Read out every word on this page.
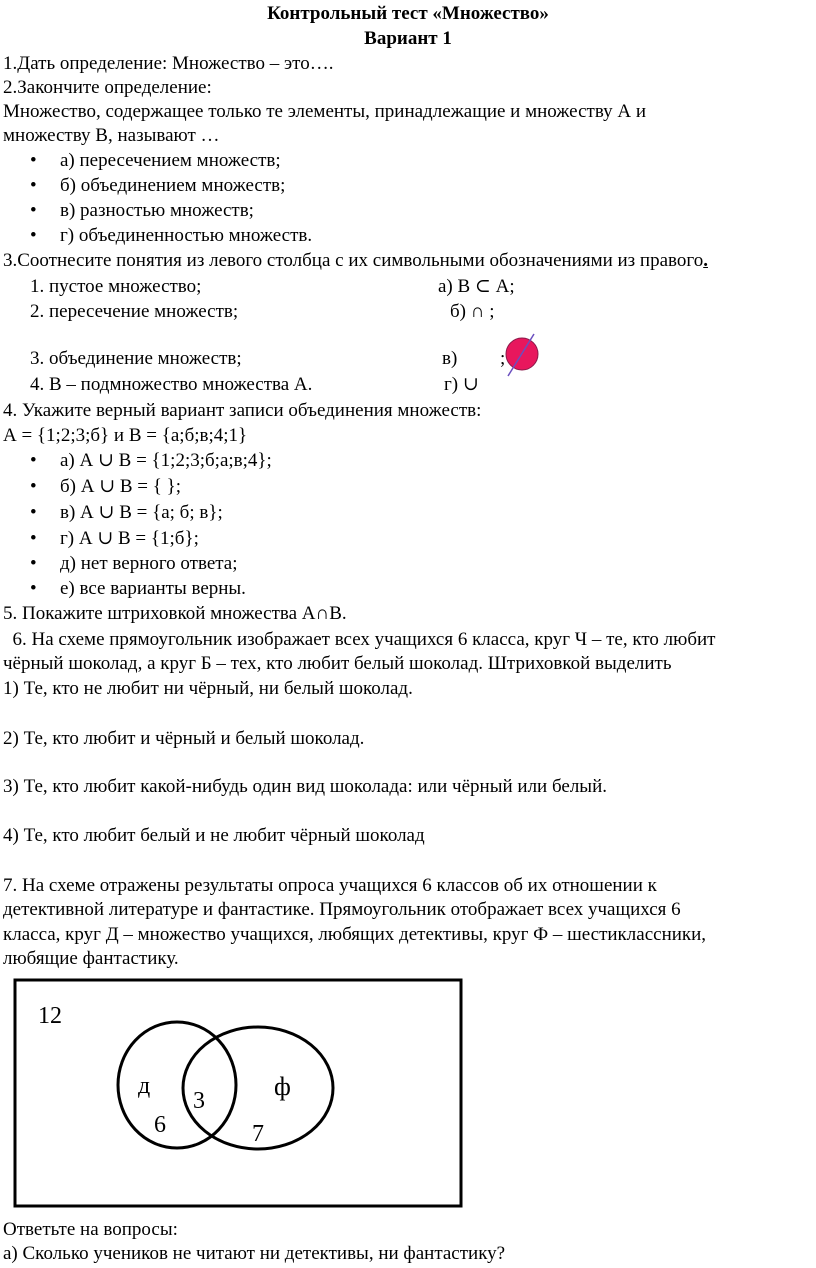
Контрольный тест «Множество»
Вариант 1
1.Дать определение: Множество – это….
2.Закончите определение:
Множество, содержащее только те элементы, принадлежащие и множеству А и
множеству В, называют …
• а) пересечением множеств;
• б) объединением множеств;
• в) разностью множеств;
• г) объединенностью множеств.
3.Соотнесите понятия из левого столбца с их символьными обозначениями из правого.
1. пустое множество;	а) В ⊂ А;
2. пересечение множеств;	б) ∩ ;
3. объединение множеств;	в) ;
4. В – подмножество множества А.	г) ∪
4. Укажите верный вариант записи объединения множеств:
А = {1;2;3;б} и В = {а;б;в;4;1}
• а) А ∪ В = {1;2;3;б;а;в;4};
• б) А ∪ В = { };
• в) А ∪ В = {а; б; в};
• г) А ∪ В = {1;б};
• д) нет верного ответа;
• е) все варианты верны.
5. Покажите штриховкой множества А∩В.
6. На схеме прямоугольник изображает всех учащихся 6 класса, круг Ч – те, кто любит
чёрный шоколад, а круг Б – тех, кто любит белый шоколад. Штриховкой выделить
1) Те, кто не любит ни чёрный, ни белый шоколад.
2) Те, кто любит и чёрный и белый шоколад.
3) Те, кто любит какой-нибудь один вид шоколада: или чёрный или белый.
4) Те, кто любит белый и не любит чёрный шоколад
7. На схеме отражены результаты опроса учащихся 6 классов об их отношении к
детективной литературе и фантастике. Прямоугольник отображает всех учащихся 6
класса, круг Д – множество учащихся, любящих детективы, круг Ф – шестиклассники,
любящие фантастику.
12
д	ф
3
6	7
Ответьте на вопросы:
а) Сколько учеников не читают ни детективы, ни фантастику?
